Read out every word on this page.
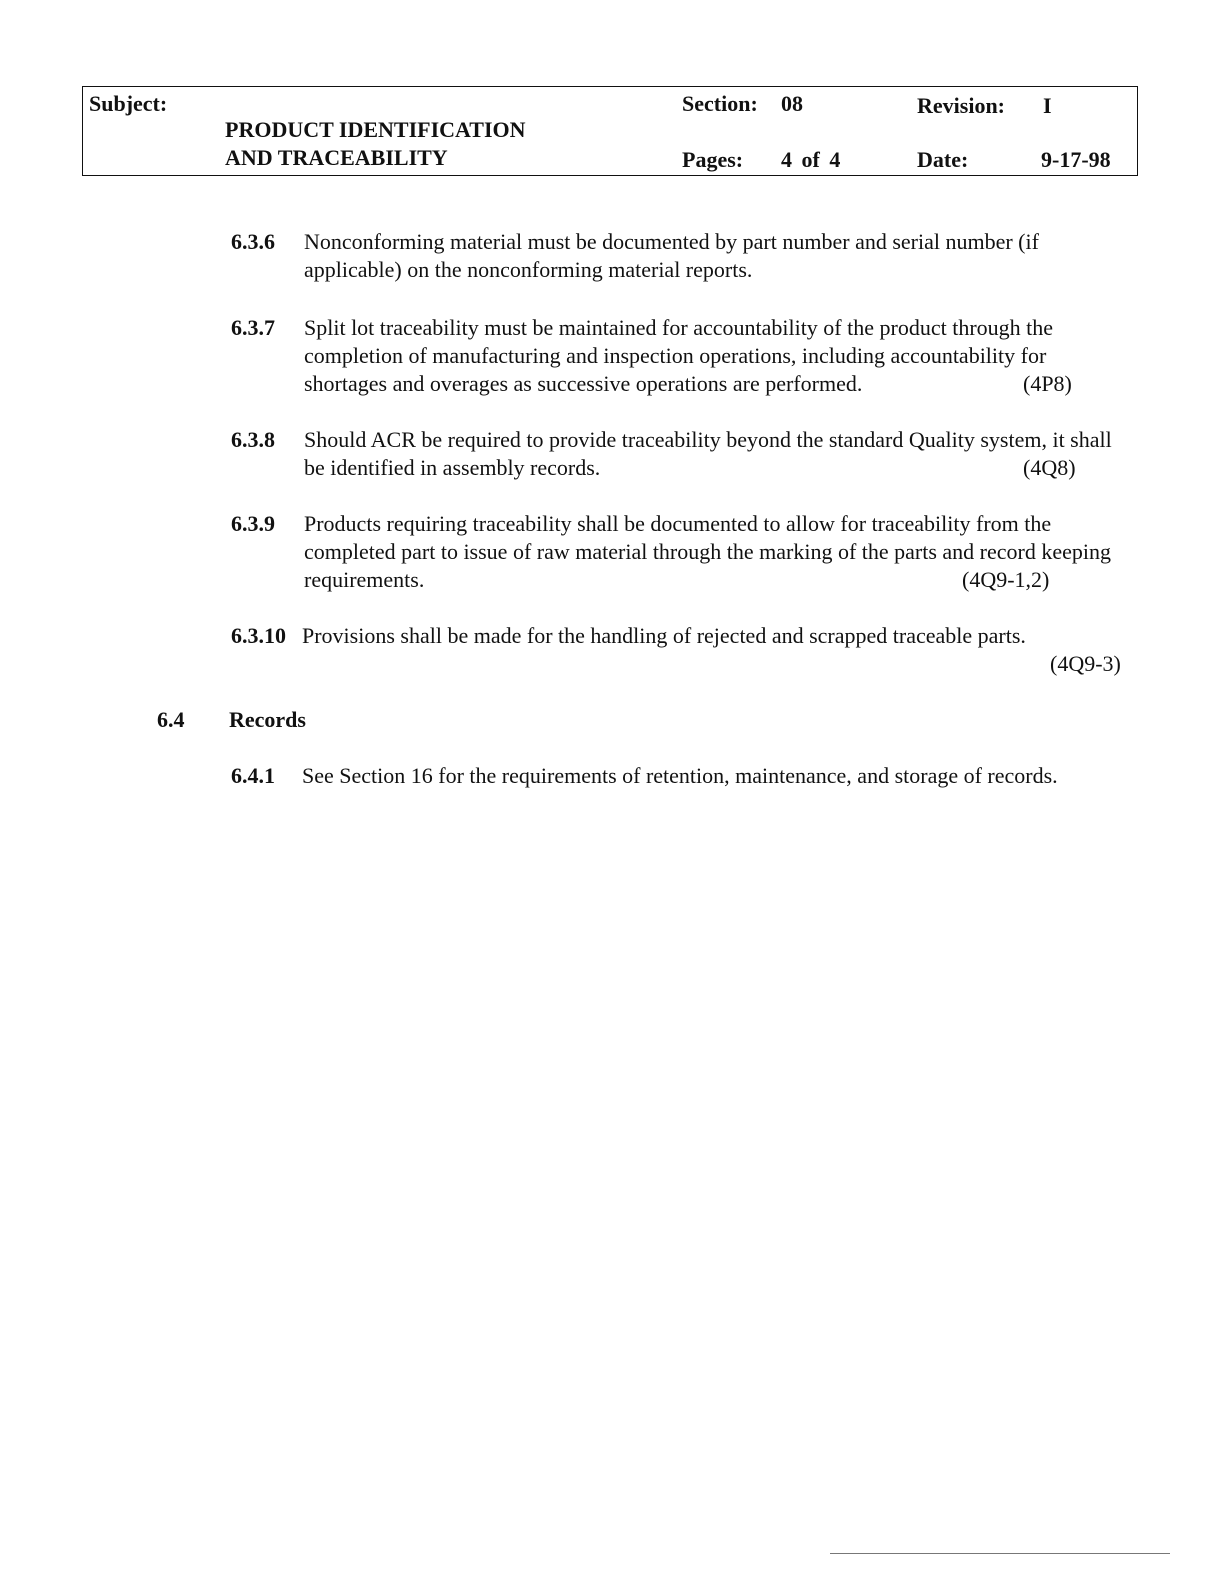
Subject:
PRODUCT IDENTIFICATION
AND TRACEABILITY
Section: 08	Revision: I
Pages: 4 of 4	Date:	9-17-98
6.3.6 Nonconforming material must be documented by part number and serial number (if applicable) on the nonconforming material reports.
6.3.7 Split lot traceability must be maintained for accountability of the product through the completion of manufacturing and inspection operations, including accountability for shortages and overages as successive operations are performed.	(4P8)
6.3.8 Should ACR be required to provide traceability beyond the standard Quality system, it shall be identified in assembly records.	(4Q8)
6.3.9 Products requiring traceability shall be documented to allow for traceability from the completed part to issue of raw material through the marking of the parts and record keeping requirements.	(4Q9-1,2)
6.3.10 Provisions shall be made for the handling of rejected and scrapped traceable parts.
(4Q9-3)
6.4 Records
6.4.1 See Section 16 for the requirements of retention, maintenance, and storage of records.
